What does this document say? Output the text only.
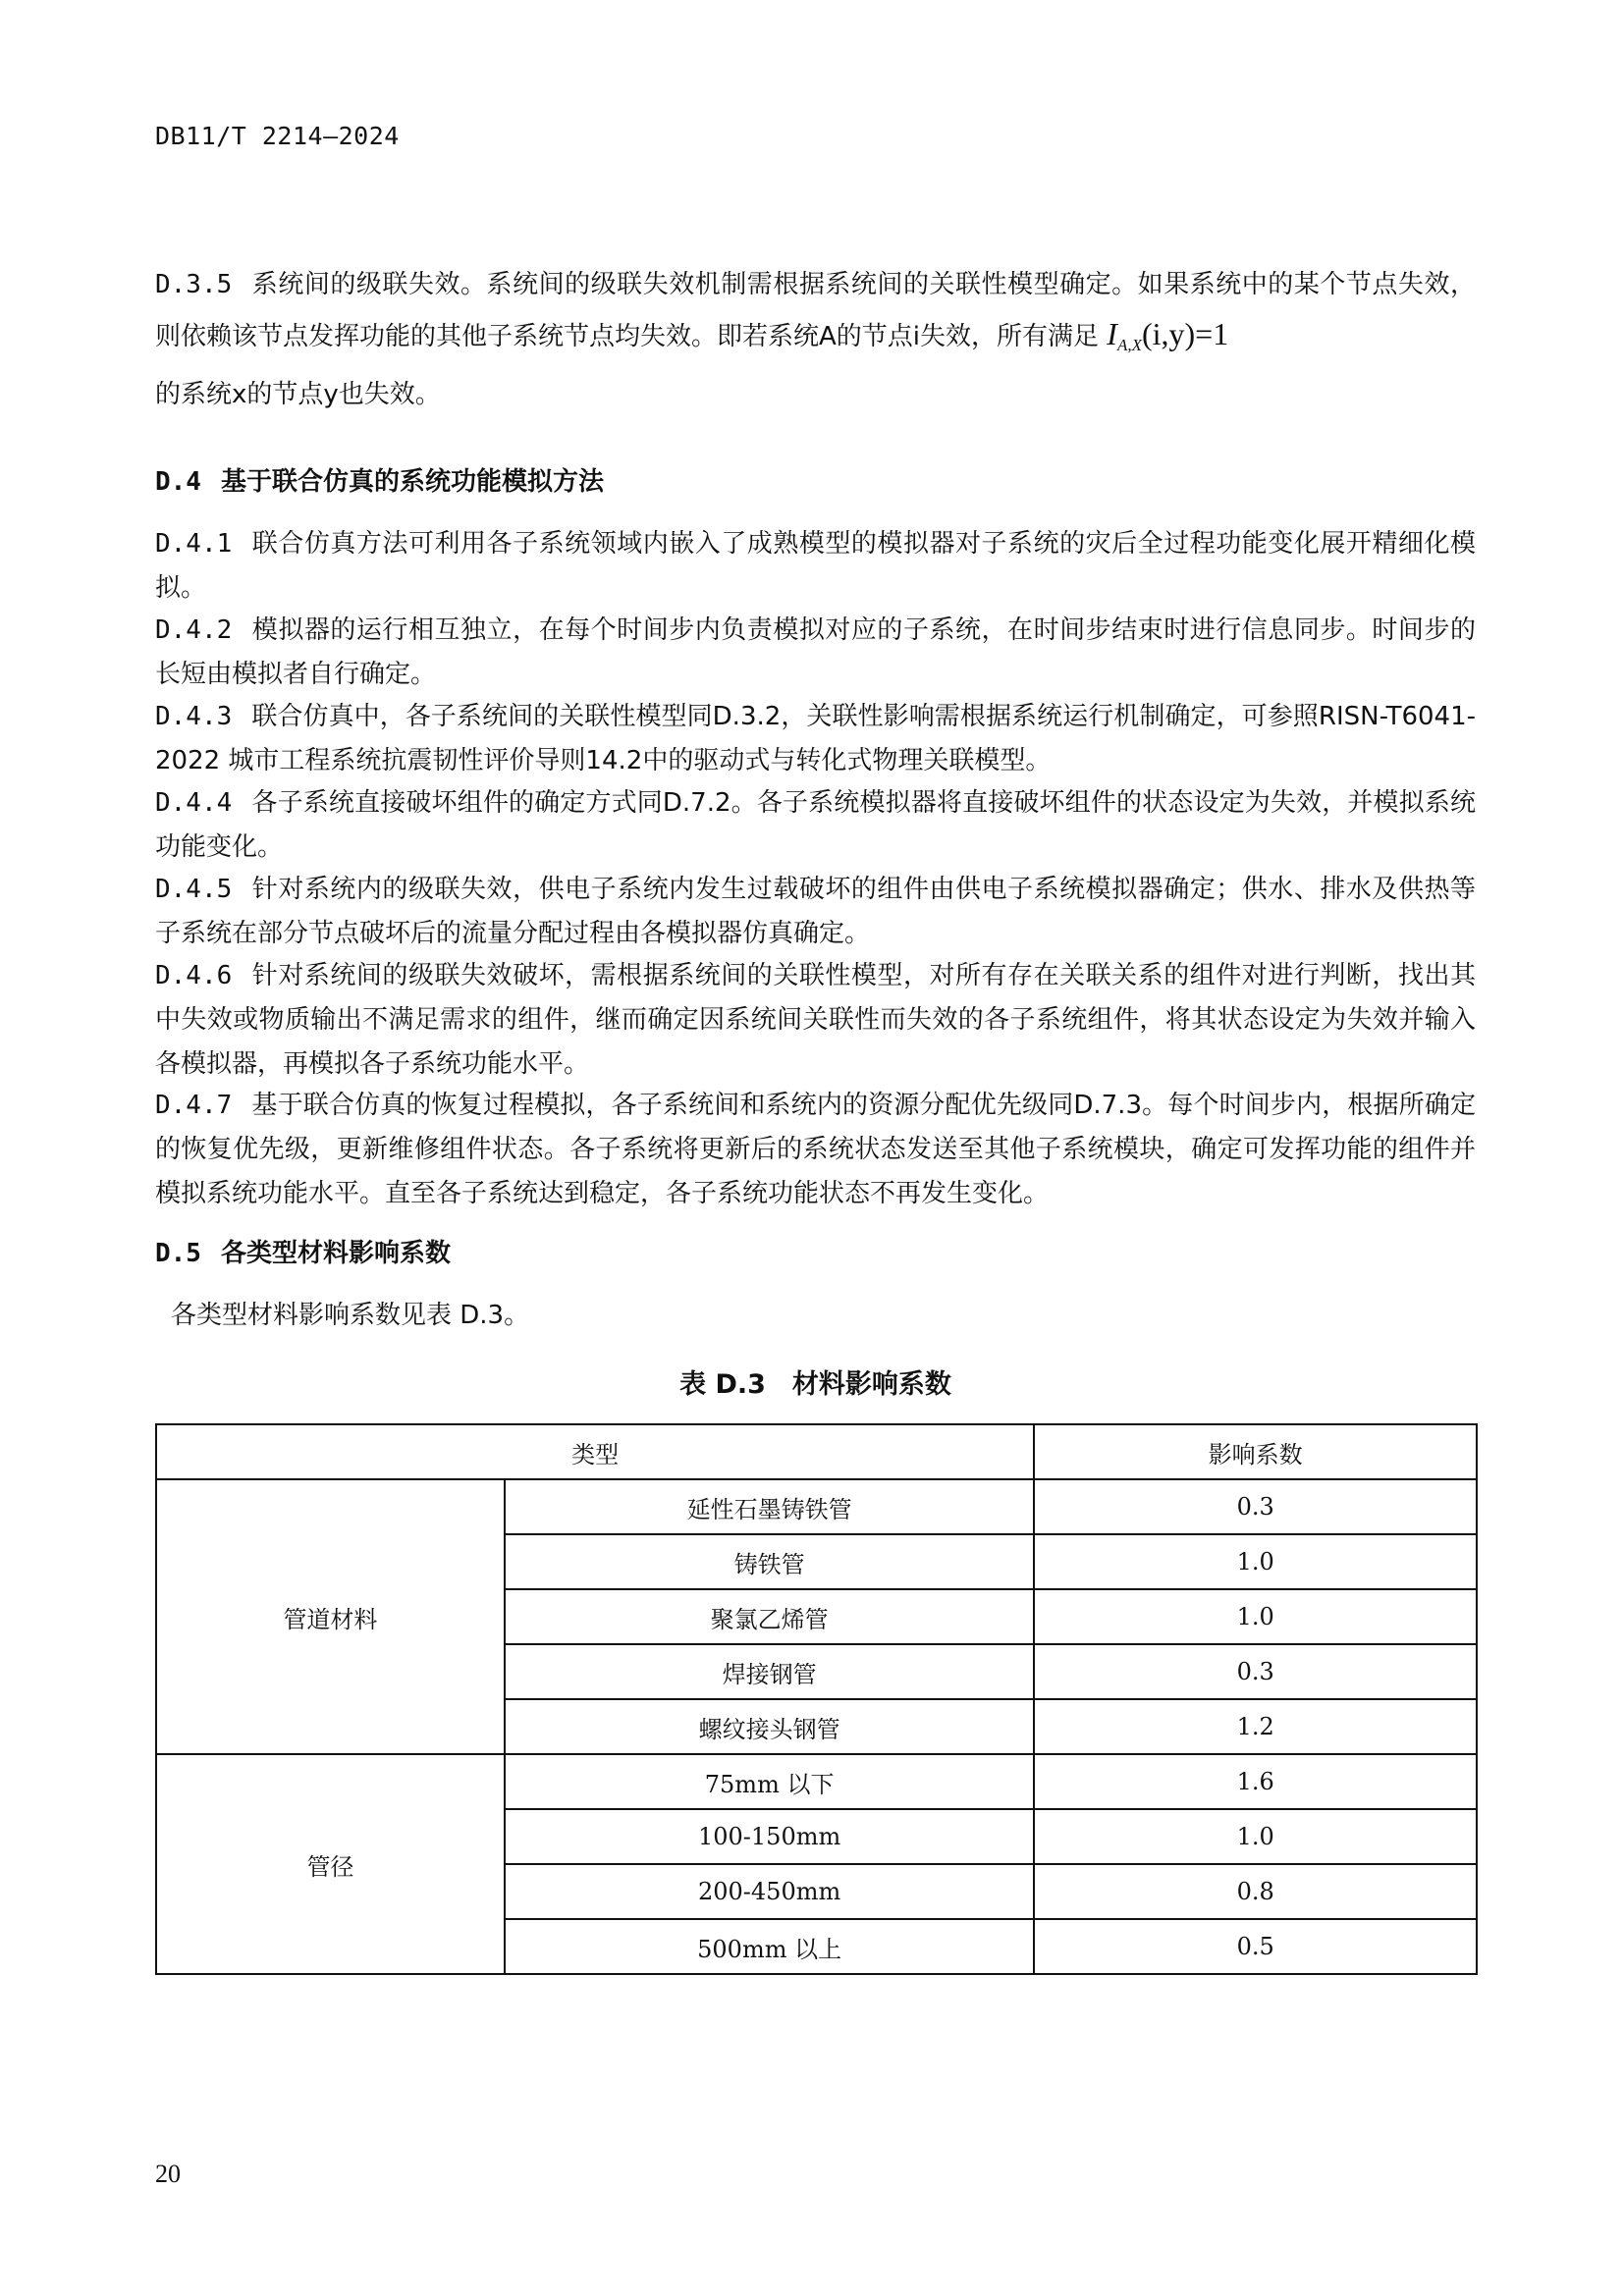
DB11/T 2214—2024
D.3.5 系统间的级联失效。系统间的级联失效机制需根据系统间的关联性模型确定。如果系统中的某个节点失效，则依赖该节点发挥功能的其他子系统节点均失效。即若系统A的节点i失效，所有满足 $I_{A,X}(i,y)=1$
的系统x的节点y也失效。
D.4 基于联合仿真的系统功能模拟方法
D.4.1 联合仿真方法可利用各子系统领域内嵌入了成熟模型的模拟器对子系统的灾后全过程功能变化展开精细化模拟。
D.4.2 模拟器的运行相互独立，在每个时间步内负责模拟对应的子系统，在时间步结束时进行信息同步。时间步的长短由模拟者自行确定。
D.4.3 联合仿真中，各子系统间的关联性模型同D.3.2，关联性影响需根据系统运行机制确定，可参照RISN-T6041-2022 城市工程系统抗震韧性评价导则14.2中的驱动式与转化式物理关联模型。
D.4.4 各子系统直接破坏组件的确定方式同D.7.2。各子系统模拟器将直接破坏组件的状态设定为失效，并模拟系统功能变化。
D.4.5 针对系统内的级联失效，供电子系统内发生过载破坏的组件由供电子系统模拟器确定；供水、排水及供热等子系统在部分节点破坏后的流量分配过程由各模拟器仿真确定。
D.4.6 针对系统间的级联失效破坏，需根据系统间的关联性模型，对所有存在关联关系的组件对进行判断，找出其中失效或物质输出不满足需求的组件，继而确定因系统间关联性而失效的各子系统组件，将其状态设定为失效并输入各模拟器，再模拟各子系统功能水平。
D.4.7 基于联合仿真的恢复过程模拟，各子系统间和系统内的资源分配优先级同D.7.3。每个时间步内，根据所确定的恢复优先级，更新维修组件状态。各子系统将更新后的系统状态发送至其他子系统模块，确定可发挥功能的组件并模拟系统功能水平。直至各子系统达到稳定，各子系统功能状态不再发生变化。
D.5 各类型材料影响系数
各类型材料影响系数见表 D.3。
表 D.3　材料影响系数
类型		影响系数
管道材料	延性石墨铸铁管	0.3
	铸铁管	1.0
	聚氯乙烯管	1.0
	焊接钢管	0.3
	螺纹接头钢管	1.2
管径	75mm 以下	1.6
	100-150mm	1.0
	200-450mm	0.8
	500mm 以上	0.5
20
